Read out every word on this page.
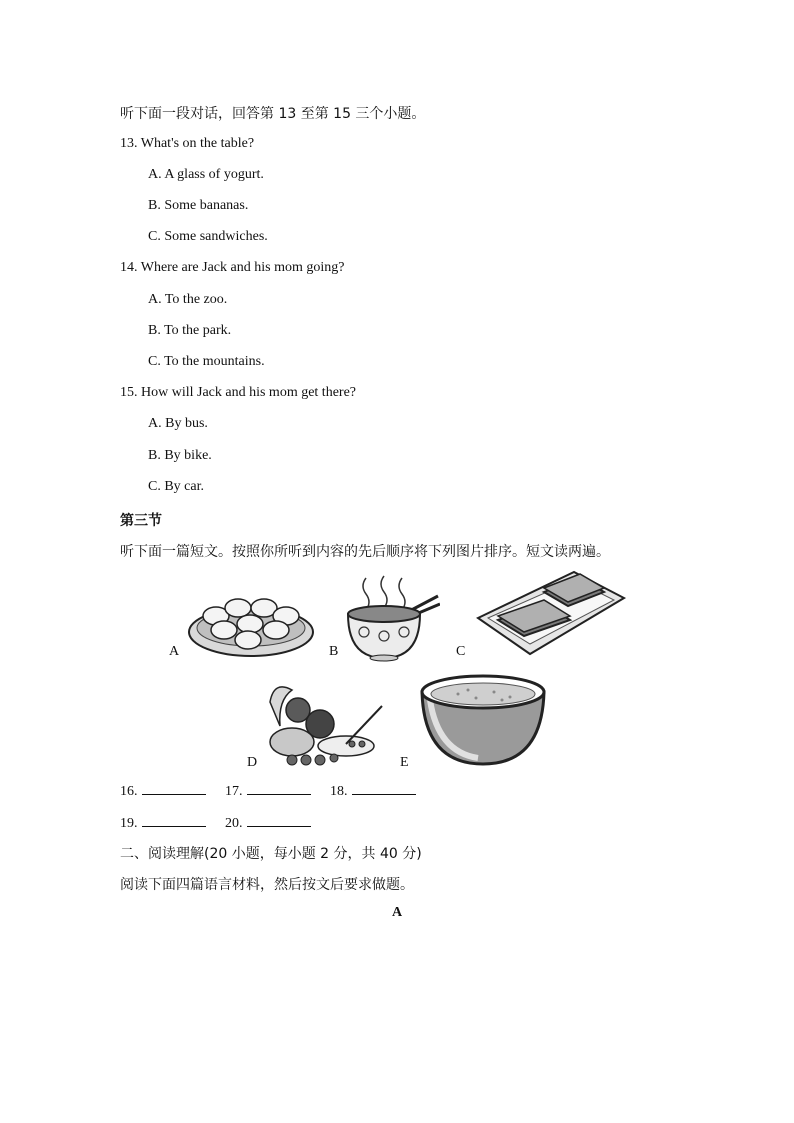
听下面一段对话，回答第 13 至第 15 三个小题。
13. What's on the table?
A. A glass of yogurt.
B. Some bananas.
C. Some sandwiches.
14. Where are Jack and his mom going?
A. To the zoo.
B. To the park.
C. To the mountains.
15. How will Jack and his mom get there?
A. By bus.
B. By bike.
C. By car.
第三节
听下面一篇短文。按照你所听到内容的先后顺序将下列图片排序。短文读两遍。
A	B	C
D	E
16.	17.	18.
19.	20.
二、阅读理解(20 小题，每小题 2 分，共 40 分)
阅读下面四篇语言材料，然后按文后要求做题。
A
